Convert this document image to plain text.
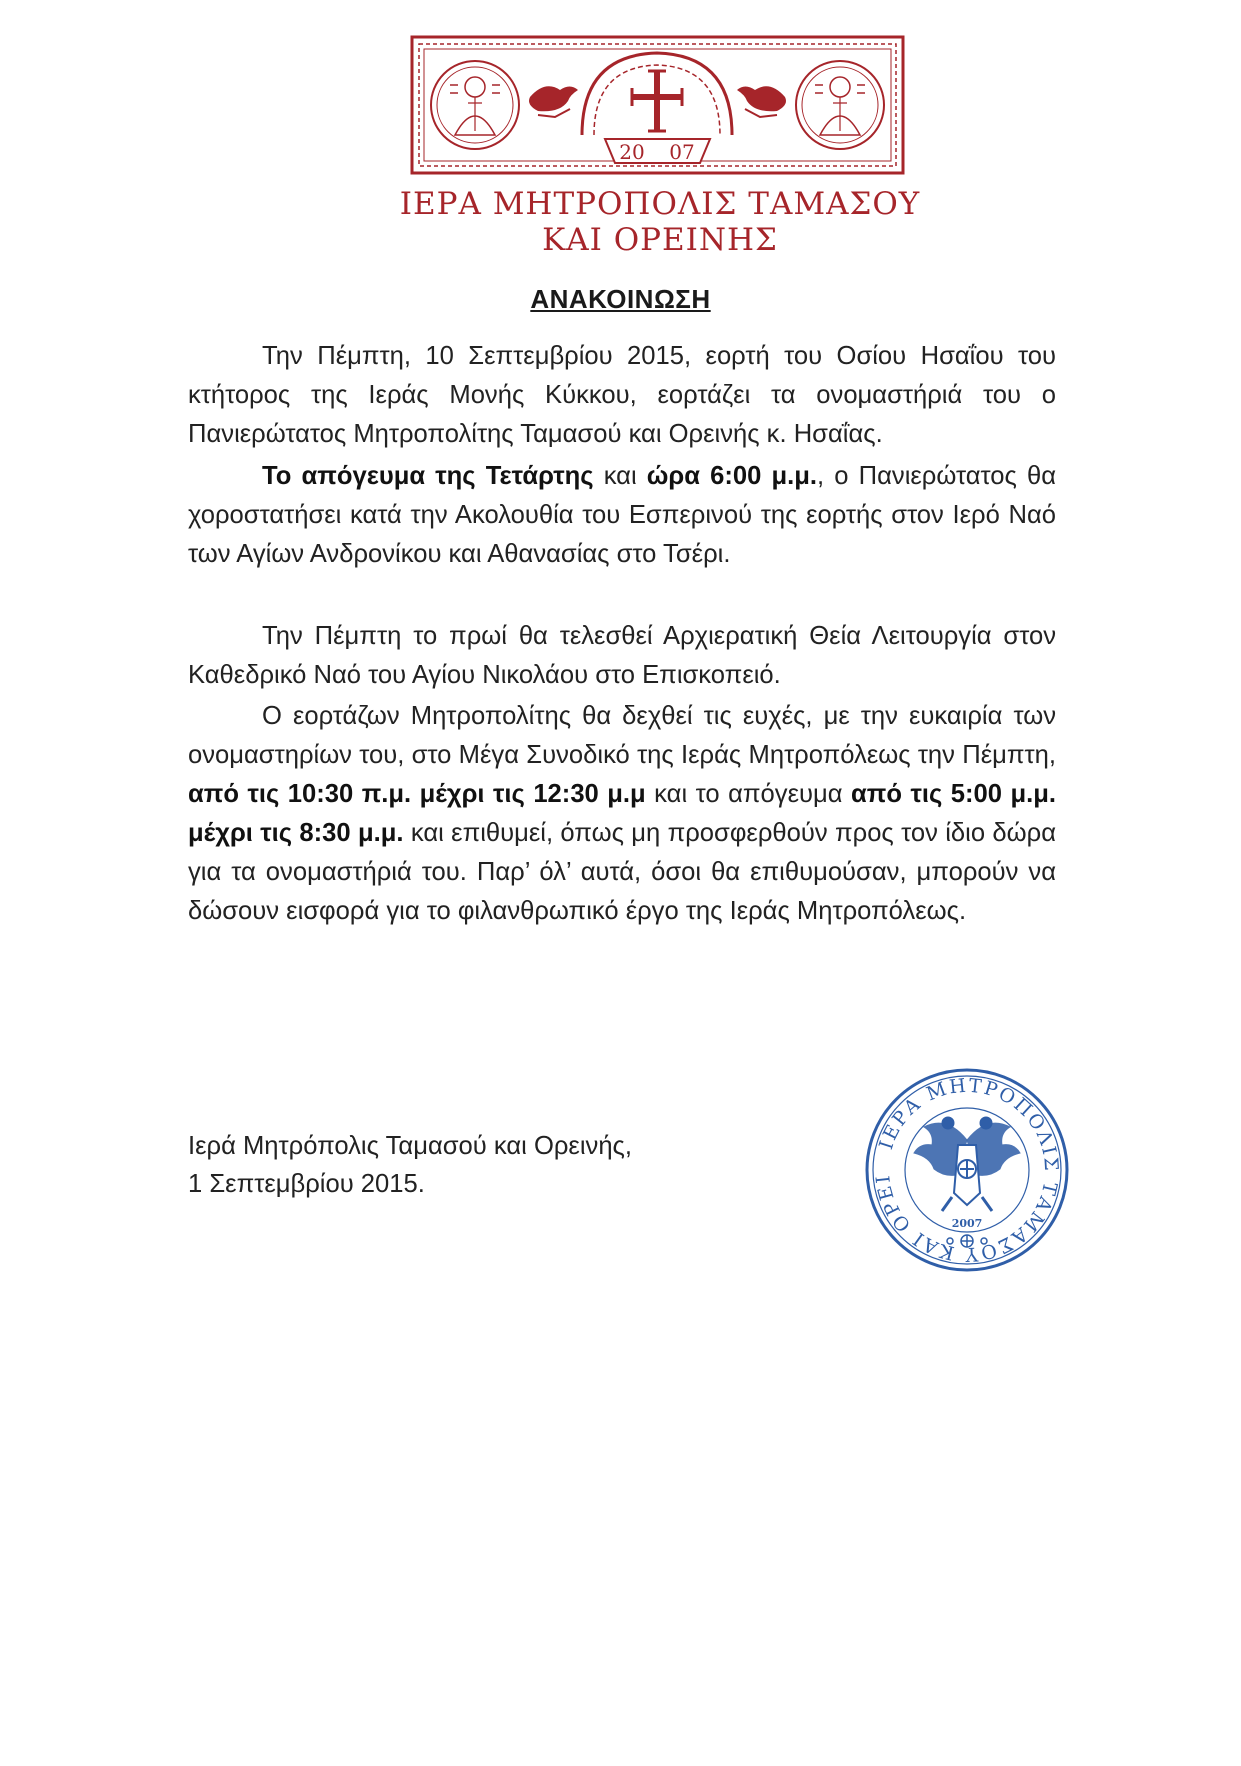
20 07
ΙΕΡΑ ΜΗΤΡΟΠΟΛΙΣ ΤΑΜΑΣΟΥ ΚΑΙ ΟΡΕΙΝΗΣ
ΑΝΑΚΟΙΝΩΣΗ

Την Πέμπτη, 10 Σεπτεμβρίου 2015, εορτή του Οσίου Ησαΐου του κτήτορος της Ιεράς Μονής Κύκκου, εορτάζει τα ονομαστήριά του ο Πανιερώτατος Μητροπολίτης Ταμασού και Ορεινής κ. Ησαΐας.

Το απόγευμα της Τετάρτης και ώρα 6:00 μ.μ., ο Πανιερώτατος θα χοροστατήσει κατά την Ακολουθία του Εσπερινού της εορτής στον Ιερό Ναό των Αγίων Ανδρονίκου και Αθανασίας στο Τσέρι.

Την Πέμπτη το πρωί θα τελεσθεί Αρχιερατική Θεία Λειτουργία στον Καθεδρικό Ναό του Αγίου Νικολάου στο Επισκοπειό.

Ο εορτάζων Μητροπολίτης θα δεχθεί τις ευχές, με την ευκαιρία των ονομαστηρίων του, στο Μέγα Συνοδικό της Ιεράς Μητροπόλεως την Πέμπτη, από τις 10:30 π.μ. μέχρι τις 12:30 μ.μ και το απόγευμα από τις 5:00 μ.μ. μέχρι τις 8:30 μ.μ. και επιθυμεί, όπως μη προσφερθούν προς τον ίδιο δώρα για τα ονομαστήριά του. Παρ’ όλ’ αυτά, όσοι θα επιθυμούσαν, μπορούν να δώσουν εισφορά για το φιλανθρωπικό έργο της Ιεράς Μητροπόλεως.

Ιερά Μητρόπολις Ταμασού και Ορεινής,
1 Σεπτεμβρίου 2015.
ΙΕΡΑ ΜΗΤΡΟΠΟΛΙΣ ΤΑΜΑΣΟΥ ΚΑΙ ΟΡΕΙ
2007
